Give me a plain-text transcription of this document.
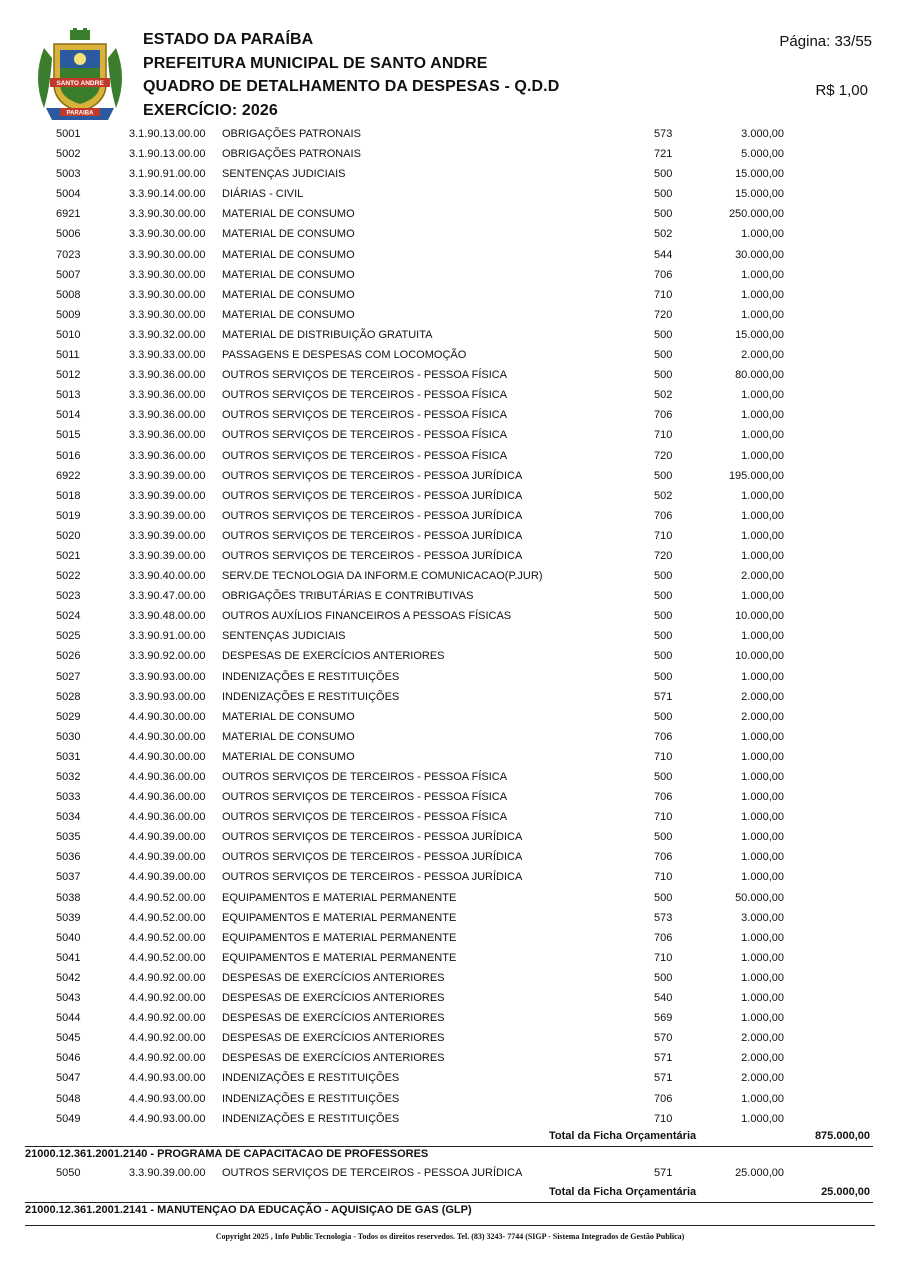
SANTO ANDRE
PARAIBA
ESTADO DA PARAÍBA
PREFEITURA MUNICIPAL DE SANTO ANDRE
QUADRO DE DETALHAMENTO DA DESPESAS - Q.D.D
EXERCÍCIO: 2026
Página: 33/55
R$ 1,00
5001	3.1.90.13.00.00 OBRIGAÇÕES PATRONAIS	573	3.000,00
5002	3.1.90.13.00.00 OBRIGAÇÕES PATRONAIS	721	5.000,00
5003	3.1.90.91.00.00 SENTENÇAS JUDICIAIS	500	15.000,00
5004	3.3.90.14.00.00 DIÁRIAS - CIVIL	500	15.000,00
6921	3.3.90.30.00.00 MATERIAL DE CONSUMO	500	250.000,00
5006	3.3.90.30.00.00 MATERIAL DE CONSUMO	502	1.000,00
7023	3.3.90.30.00.00 MATERIAL DE CONSUMO	544	30.000,00
5007	3.3.90.30.00.00 MATERIAL DE CONSUMO	706	1.000,00
5008	3.3.90.30.00.00 MATERIAL DE CONSUMO	710	1.000,00
5009	3.3.90.30.00.00 MATERIAL DE CONSUMO	720	1.000,00
5010	3.3.90.32.00.00 MATERIAL DE DISTRIBUIÇÃO GRATUITA	500	15.000,00
5011	3.3.90.33.00.00 PASSAGENS E DESPESAS COM LOCOMOÇÃO	500	2.000,00
5012	3.3.90.36.00.00 OUTROS SERVIÇOS DE TERCEIROS - PESSOA FÍSICA	500	80.000,00
5013	3.3.90.36.00.00 OUTROS SERVIÇOS DE TERCEIROS - PESSOA FÍSICA	502	1.000,00
5014	3.3.90.36.00.00 OUTROS SERVIÇOS DE TERCEIROS - PESSOA FÍSICA	706	1.000,00
5015	3.3.90.36.00.00 OUTROS SERVIÇOS DE TERCEIROS - PESSOA FÍSICA	710	1.000,00
5016	3.3.90.36.00.00 OUTROS SERVIÇOS DE TERCEIROS - PESSOA FÍSICA	720	1.000,00
6922	3.3.90.39.00.00 OUTROS SERVIÇOS DE TERCEIROS - PESSOA JURÍDICA	500	195.000,00
5018	3.3.90.39.00.00 OUTROS SERVIÇOS DE TERCEIROS - PESSOA JURÍDICA	502	1.000,00
5019	3.3.90.39.00.00 OUTROS SERVIÇOS DE TERCEIROS - PESSOA JURÍDICA	706	1.000,00
5020	3.3.90.39.00.00 OUTROS SERVIÇOS DE TERCEIROS - PESSOA JURÍDICA	710	1.000,00
5021	3.3.90.39.00.00 OUTROS SERVIÇOS DE TERCEIROS - PESSOA JURÍDICA	720	1.000,00
5022	3.3.90.40.00.00 SERV.DE TECNOLOGIA DA INFORM.E COMUNICACAO(P.JUR)	500	2.000,00
5023	3.3.90.47.00.00 OBRIGAÇÕES TRIBUTÁRIAS E CONTRIBUTIVAS	500	1.000,00
5024	3.3.90.48.00.00 OUTROS AUXÍLIOS FINANCEIROS A PESSOAS FÍSICAS	500	10.000,00
5025	3.3.90.91.00.00 SENTENÇAS JUDICIAIS	500	1.000,00
5026	3.3.90.92.00.00 DESPESAS DE EXERCÍCIOS ANTERIORES	500	10.000,00
5027	3.3.90.93.00.00 INDENIZAÇÕES E RESTITUIÇÕES	500	1.000,00
5028	3.3.90.93.00.00 INDENIZAÇÕES E RESTITUIÇÕES	571	2.000,00
5029	4.4.90.30.00.00 MATERIAL DE CONSUMO	500	2.000,00
5030	4.4.90.30.00.00 MATERIAL DE CONSUMO	706	1.000,00
5031	4.4.90.30.00.00 MATERIAL DE CONSUMO	710	1.000,00
5032	4.4.90.36.00.00 OUTROS SERVIÇOS DE TERCEIROS - PESSOA FÍSICA	500	1.000,00
5033	4.4.90.36.00.00 OUTROS SERVIÇOS DE TERCEIROS - PESSOA FÍSICA	706	1.000,00
5034	4.4.90.36.00.00 OUTROS SERVIÇOS DE TERCEIROS - PESSOA FÍSICA	710	1.000,00
5035	4.4.90.39.00.00 OUTROS SERVIÇOS DE TERCEIROS - PESSOA JURÍDICA	500	1.000,00
5036	4.4.90.39.00.00 OUTROS SERVIÇOS DE TERCEIROS - PESSOA JURÍDICA	706	1.000,00
5037	4.4.90.39.00.00 OUTROS SERVIÇOS DE TERCEIROS - PESSOA JURÍDICA	710	1.000,00
5038	4.4.90.52.00.00 EQUIPAMENTOS E MATERIAL PERMANENTE	500	50.000,00
5039	4.4.90.52.00.00 EQUIPAMENTOS E MATERIAL PERMANENTE	573	3.000,00
5040	4.4.90.52.00.00 EQUIPAMENTOS E MATERIAL PERMANENTE	706	1.000,00
5041	4.4.90.52.00.00 EQUIPAMENTOS E MATERIAL PERMANENTE	710	1.000,00
5042	4.4.90.92.00.00 DESPESAS DE EXERCÍCIOS ANTERIORES	500	1.000,00
5043	4.4.90.92.00.00 DESPESAS DE EXERCÍCIOS ANTERIORES	540	1.000,00
5044	4.4.90.92.00.00 DESPESAS DE EXERCÍCIOS ANTERIORES	569	1.000,00
5045	4.4.90.92.00.00 DESPESAS DE EXERCÍCIOS ANTERIORES	570	2.000,00
5046	4.4.90.92.00.00 DESPESAS DE EXERCÍCIOS ANTERIORES	571	2.000,00
5047	4.4.90.93.00.00 INDENIZAÇÕES E RESTITUIÇÕES	571	2.000,00
5048	4.4.90.93.00.00 INDENIZAÇÕES E RESTITUIÇÕES	706	1.000,00
5049	4.4.90.93.00.00 INDENIZAÇÕES E RESTITUIÇÕES	710	1.000,00
Total da Ficha Orçamentária	875.000,00
21000.12.361.2001.2140 - PROGRAMA DE CAPACITACAO DE PROFESSORES
5050	3.3.90.39.00.00 OUTROS SERVIÇOS DE TERCEIROS - PESSOA JURÍDICA	571	25.000,00
Total da Ficha Orçamentária	25.000,00
21000.12.361.2001.2141 - MANUTENÇAO DA EDUCAÇÃO - AQUISIÇAO DE GAS (GLP)
Copyright 2025 , Info Public Tecnologia - Todos os direitos reservedos. Tel. (83) 3243- 7744 (SIGP - Sistema Integrados de Gestão Publica)
